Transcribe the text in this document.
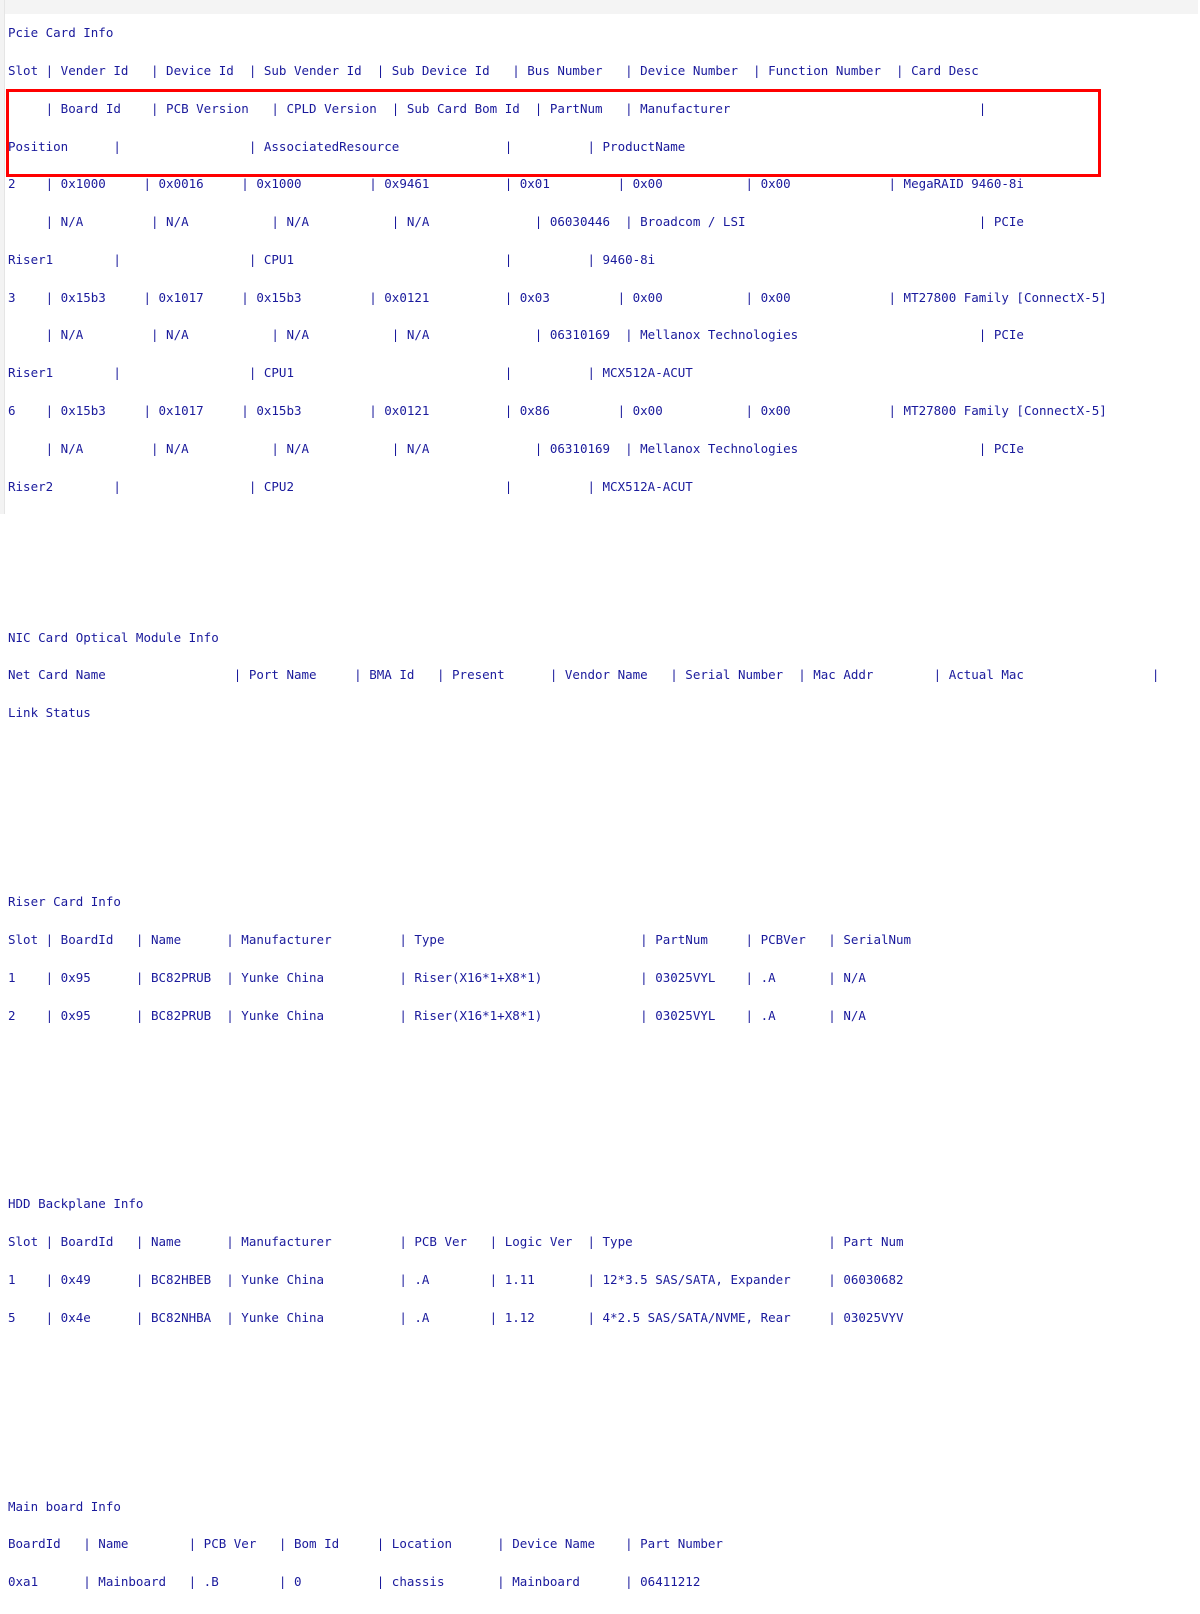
Pcie Card Info

Slot | Vender Id   | Device Id  | Sub Vender Id  | Sub Device Id   | Bus Number   | Device Number  | Function Number  | Card Desc

| Board Id    | PCB Version   | CPLD Version  | Sub Card Bom Id  | PartNum   | Manufacturer                                 |

Position      |                 | AssociatedResource              |          | ProductName

2    | 0x1000     | 0x0016     | 0x1000         | 0x9461          | 0x01         | 0x00           | 0x00             | MegaRAID 9460-8i

| N/A         | N/A           | N/A           | N/A              | 06030446  | Broadcom / LSI                               | PCIe

Riser1        |                 | CPU1                            |          | 9460-8i

3    | 0x15b3     | 0x1017     | 0x15b3         | 0x0121          | 0x03         | 0x00           | 0x00             | MT27800 Family [ConnectX-5]

| N/A         | N/A           | N/A           | N/A              | 06310169  | Mellanox Technologies                        | PCIe

Riser1        |                 | CPU1                            |          | MCX512A-ACUT

6    | 0x15b3     | 0x1017     | 0x15b3         | 0x0121          | 0x86         | 0x00           | 0x00             | MT27800 Family [ConnectX-5]

| N/A         | N/A           | N/A           | N/A              | 06310169  | Mellanox Technologies                        | PCIe

Riser2        |                 | CPU2                            |          | MCX512A-ACUT

NIC Card Optical Module Info

Net Card Name                 | Port Name     | BMA Id   | Present      | Vendor Name   | Serial Number  | Mac Addr        | Actual Mac                 |

Link Status

Riser Card Info

Slot | BoardId   | Name      | Manufacturer         | Type                          | PartNum     | PCBVer   | SerialNum

1    | 0x95      | BC82PRUB  | Yunke China          | Riser(X16*1+X8*1)             | 03025VYL    | .A       | N/A

2    | 0x95      | BC82PRUB  | Yunke China          | Riser(X16*1+X8*1)             | 03025VYL    | .A       | N/A

HDD Backplane Info

Slot | BoardId   | Name      | Manufacturer         | PCB Ver   | Logic Ver  | Type                          | Part Num

1    | 0x49      | BC82HBEB  | Yunke China          | .A        | 1.11       | 12*3.5 SAS/SATA, Expander     | 06030682

5    | 0x4e      | BC82NHBA  | Yunke China          | .A        | 1.12       | 4*2.5 SAS/SATA/NVME, Rear     | 03025VYV

Main board Info

BoardId   | Name        | PCB Ver   | Bom Id     | Location      | Device Name    | Part Number

0xa1      | Mainboard   | .B        | 0          | chassis       | Mainboard      | 06411212
